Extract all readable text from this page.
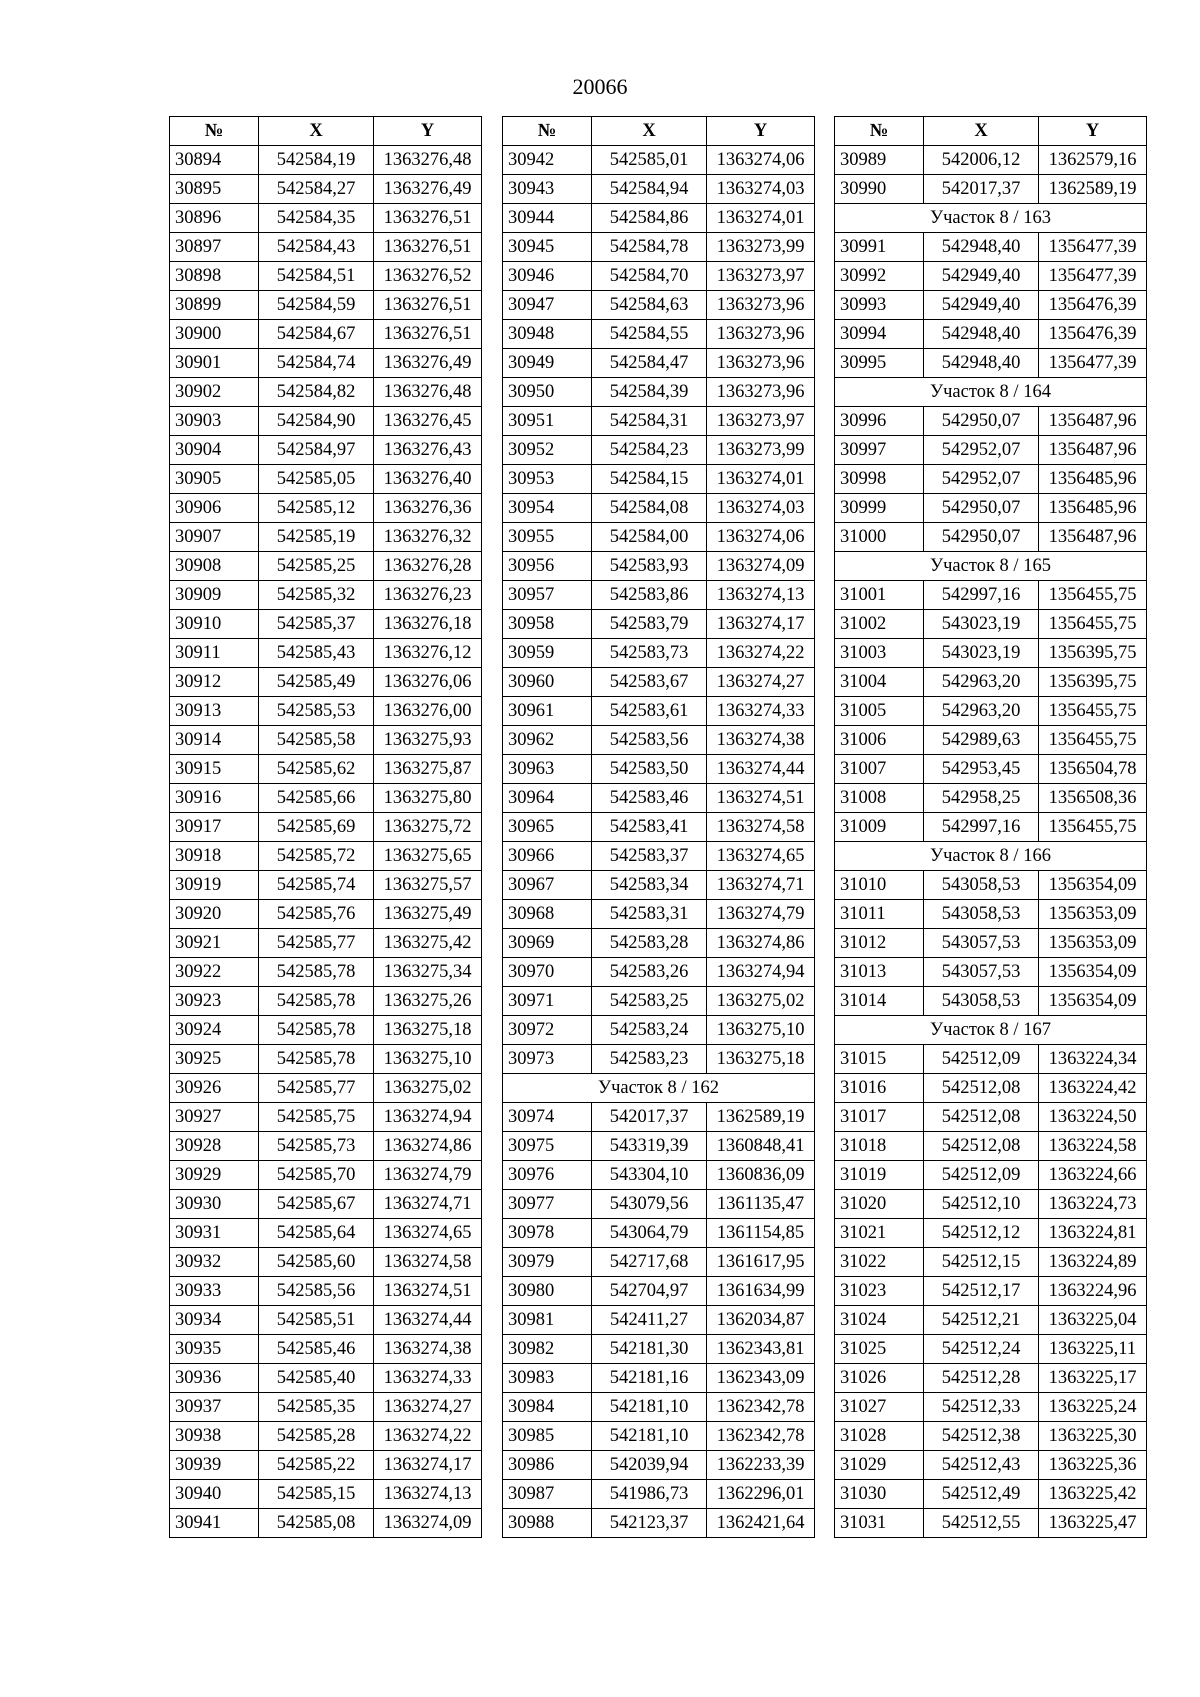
20066
№	X	Y
30894	542584,19	1363276,48
30895	542584,27	1363276,49
30896	542584,35	1363276,51
30897	542584,43	1363276,51
30898	542584,51	1363276,52
30899	542584,59	1363276,51
30900	542584,67	1363276,51
30901	542584,74	1363276,49
30902	542584,82	1363276,48
30903	542584,90	1363276,45
30904	542584,97	1363276,43
30905	542585,05	1363276,40
30906	542585,12	1363276,36
30907	542585,19	1363276,32
30908	542585,25	1363276,28
30909	542585,32	1363276,23
30910	542585,37	1363276,18
30911	542585,43	1363276,12
30912	542585,49	1363276,06
30913	542585,53	1363276,00
30914	542585,58	1363275,93
30915	542585,62	1363275,87
30916	542585,66	1363275,80
30917	542585,69	1363275,72
30918	542585,72	1363275,65
30919	542585,74	1363275,57
30920	542585,76	1363275,49
30921	542585,77	1363275,42
30922	542585,78	1363275,34
30923	542585,78	1363275,26
30924	542585,78	1363275,18
30925	542585,78	1363275,10
30926	542585,77	1363275,02
30927	542585,75	1363274,94
30928	542585,73	1363274,86
30929	542585,70	1363274,79
30930	542585,67	1363274,71
30931	542585,64	1363274,65
30932	542585,60	1363274,58
30933	542585,56	1363274,51
30934	542585,51	1363274,44
30935	542585,46	1363274,38
30936	542585,40	1363274,33
30937	542585,35	1363274,27
30938	542585,28	1363274,22
30939	542585,22	1363274,17
30940	542585,15	1363274,13
30941	542585,08	1363274,09
№	X	Y
30942	542585,01	1363274,06
30943	542584,94	1363274,03
30944	542584,86	1363274,01
30945	542584,78	1363273,99
30946	542584,70	1363273,97
30947	542584,63	1363273,96
30948	542584,55	1363273,96
30949	542584,47	1363273,96
30950	542584,39	1363273,96
30951	542584,31	1363273,97
30952	542584,23	1363273,99
30953	542584,15	1363274,01
30954	542584,08	1363274,03
30955	542584,00	1363274,06
30956	542583,93	1363274,09
30957	542583,86	1363274,13
30958	542583,79	1363274,17
30959	542583,73	1363274,22
30960	542583,67	1363274,27
30961	542583,61	1363274,33
30962	542583,56	1363274,38
30963	542583,50	1363274,44
30964	542583,46	1363274,51
30965	542583,41	1363274,58
30966	542583,37	1363274,65
30967	542583,34	1363274,71
30968	542583,31	1363274,79
30969	542583,28	1363274,86
30970	542583,26	1363274,94
30971	542583,25	1363275,02
30972	542583,24	1363275,10
30973	542583,23	1363275,18
Участок 8 / 162		
30974	542017,37	1362589,19
30975	543319,39	1360848,41
30976	543304,10	1360836,09
30977	543079,56	1361135,47
30978	543064,79	1361154,85
30979	542717,68	1361617,95
30980	542704,97	1361634,99
30981	542411,27	1362034,87
30982	542181,30	1362343,81
30983	542181,16	1362343,09
30984	542181,10	1362342,78
30985	542181,10	1362342,78
30986	542039,94	1362233,39
30987	541986,73	1362296,01
30988	542123,37	1362421,64
№	X	Y
30989	542006,12	1362579,16
30990	542017,37	1362589,19
Участок 8 / 163		
30991	542948,40	1356477,39
30992	542949,40	1356477,39
30993	542949,40	1356476,39
30994	542948,40	1356476,39
30995	542948,40	1356477,39
Участок 8 / 164		
30996	542950,07	1356487,96
30997	542952,07	1356487,96
30998	542952,07	1356485,96
30999	542950,07	1356485,96
31000	542950,07	1356487,96
Участок 8 / 165		
31001	542997,16	1356455,75
31002	543023,19	1356455,75
31003	543023,19	1356395,75
31004	542963,20	1356395,75
31005	542963,20	1356455,75
31006	542989,63	1356455,75
31007	542953,45	1356504,78
31008	542958,25	1356508,36
31009	542997,16	1356455,75
Участок 8 / 166		
31010	543058,53	1356354,09
31011	543058,53	1356353,09
31012	543057,53	1356353,09
31013	543057,53	1356354,09
31014	543058,53	1356354,09
Участок 8 / 167		
31015	542512,09	1363224,34
31016	542512,08	1363224,42
31017	542512,08	1363224,50
31018	542512,08	1363224,58
31019	542512,09	1363224,66
31020	542512,10	1363224,73
31021	542512,12	1363224,81
31022	542512,15	1363224,89
31023	542512,17	1363224,96
31024	542512,21	1363225,04
31025	542512,24	1363225,11
31026	542512,28	1363225,17
31027	542512,33	1363225,24
31028	542512,38	1363225,30
31029	542512,43	1363225,36
31030	542512,49	1363225,42
31031	542512,55	1363225,47
